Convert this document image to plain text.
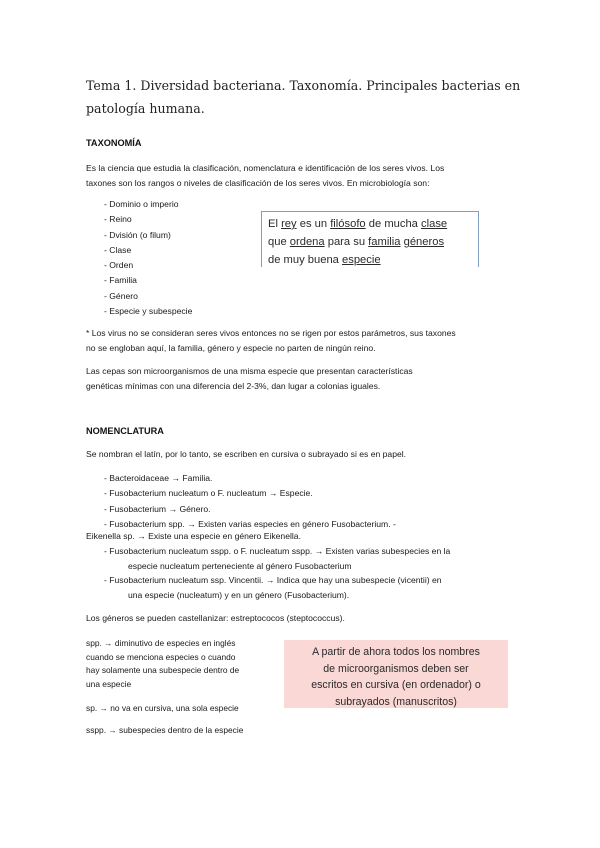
Tema 1. Diversidad bacteriana. Taxonomía. Principales bacterias en
patología humana.
TAXONOMÍA
Es la ciencia que estudia la clasificación, nomenclatura e identificación de los seres vivos. Los
taxones son los rangos o niveles de clasificación de los seres vivos. En microbiología son:
- Dominio o imperio
- Reino
- Dvisión (o filum)
- Clase
- Orden
- Familia
- Género
- Especie y subespecie
El rey es un filósofo de mucha clase
que ordena para su familia géneros
de muy buena especie
* Los virus no se consideran seres vivos entonces no se rigen por estos parámetros, sus taxones
no se engloban aquí, la familia, género y especie no parten de ningún reino.
Las cepas son microorganismos de una misma especie que presentan características
genéticas mínimas con una diferencia del 2-3%, dan lugar a colonias iguales.
NOMENCLATURA
Se nombran el latín, por lo tanto, se escriben en cursiva o subrayado si es en papel.
- Bacteroidaceae → Familia.
- Fusobacterium nucleatum o F. nucleatum → Especie.
- Fusobacterium → Género.
- Fusobacterium spp. → Existen varias especies en género Fusobacterium. -
Eikenella sp. → Existe una especie en género Eikenella.
- Fusobacterium nucleatum sspp. o F. nucleatum sspp. → Existen varias subespecies en la
especie nucleatum perteneciente al género Fusobacterium
- Fusobacterium nucleatum ssp. Vincentii. → Indica que hay una subespecie (vicentii) en
una especie (nucleatum) y en un género (Fusobacterium).
Los géneros se pueden castellanizar: estreptococos (steptococcus).
spp. → diminutivo de especies en inglés
cuando se menciona especies o cuando
hay solamente una subespecie dentro de
una especie
sp. → no va en cursiva, una sola especie
sspp. → subespecies dentro de la especie
A partir de ahora todos los nombres
de microorganismos deben ser
escritos en cursiva (en ordenador) o
subrayados (manuscritos)
